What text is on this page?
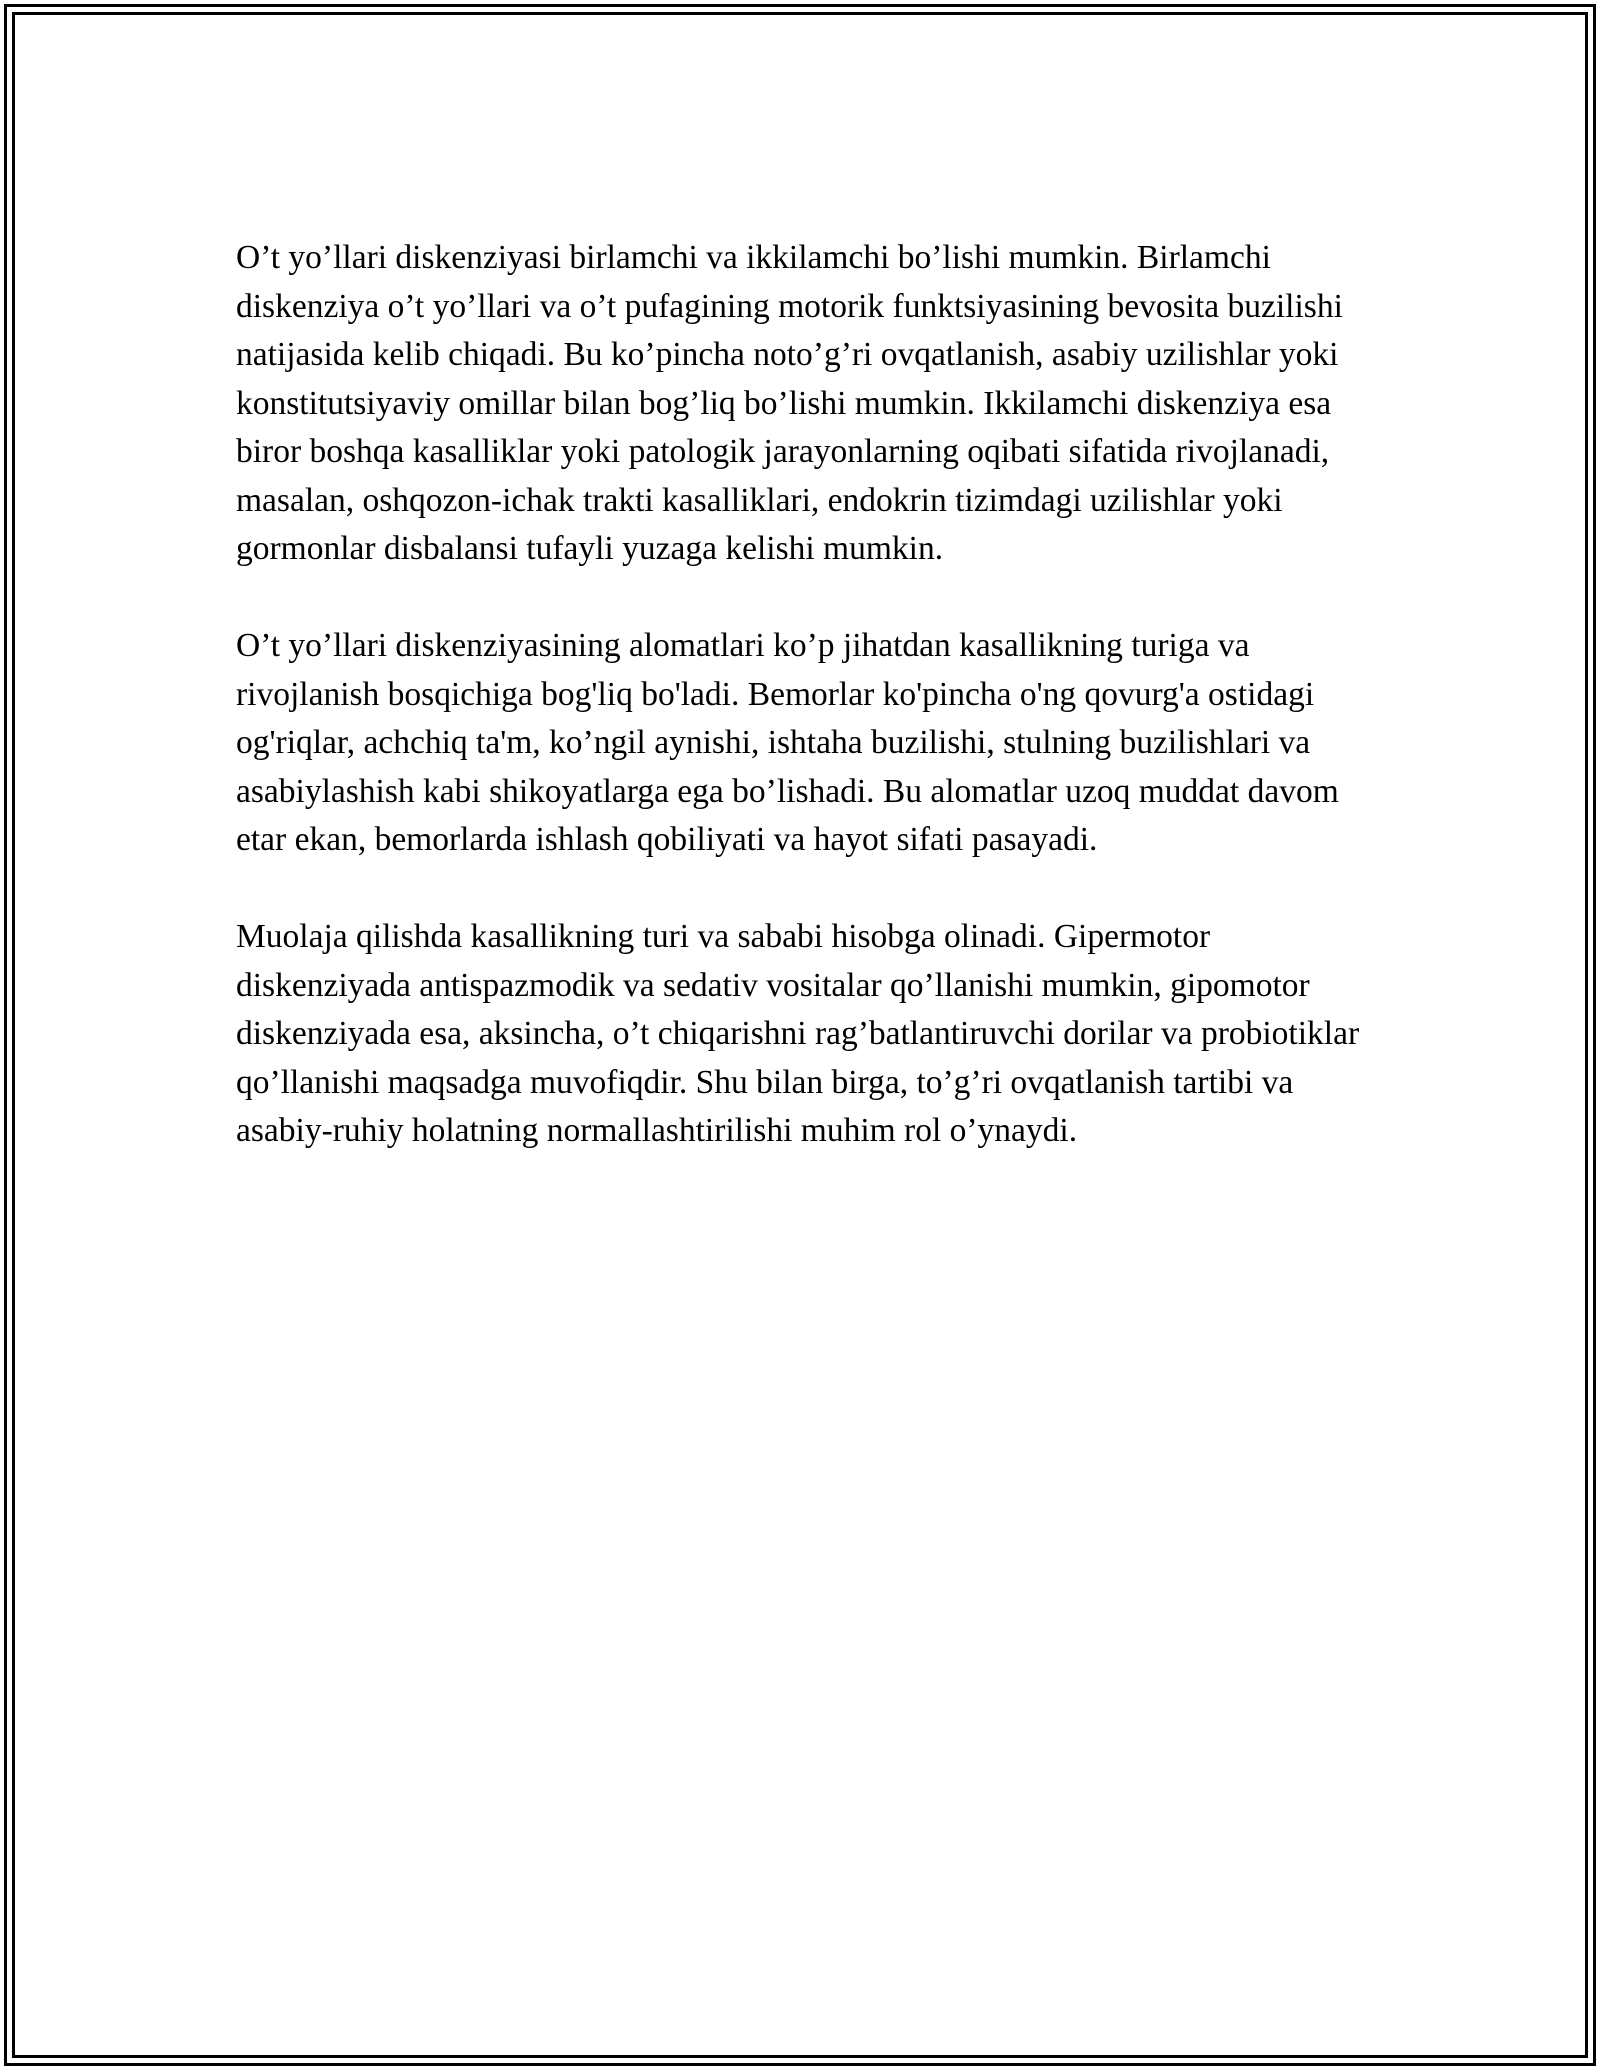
O’t yo’llari diskenziyasi birlamchi va ikkilamchi bo’lishi mumkin. Birlamchi diskenziya o’t yo’llari va o’t pufagining motorik funktsiyasining bevosita buzilishi natijasida kelib chiqadi. Bu ko’pincha noto’g’ri ovqatlanish, asabiy uzilishlar yoki konstitutsiyaviy omillar bilan bog’liq bo’lishi mumkin. Ikkilamchi diskenziya esa biror boshqa kasalliklar yoki patologik jarayonlarning oqibati sifatida rivojlanadi, masalan, oshqozon-ichak trakti kasalliklari, endokrin tizimdagi uzilishlar yoki gormonlar disbalansi tufayli yuzaga kelishi mumkin.

O’t yo’llari diskenziyasining alomatlari ko’p jihatdan kasallikning turiga va rivojlanish bosqichiga bog'liq bo'ladi. Bemorlar ko'pincha o'ng qovurg'a ostidagi og'riqlar, achchiq ta'm, ko’ngil aynishi, ishtaha buzilishi, stulning buzilishlari va asabiylashish kabi shikoyatlarga ega bo’lishadi. Bu alomatlar uzoq muddat davom etar ekan, bemorlarda ishlash qobiliyati va hayot sifati pasayadi.

Muolaja qilishda kasallikning turi va sababi hisobga olinadi. Gipermotor diskenziyada antispazmodik va sedativ vositalar qo’llanishi mumkin, gipomotor diskenziyada esa, aksincha, o’t chiqarishni rag’batlantiruvchi dorilar va probiotiklar qo’llanishi maqsadga muvofiqdir. Shu bilan birga, to’g’ri ovqatlanish tartibi va asabiy-ruhiy holatning normallashtirilishi muhim rol o’ynaydi.
